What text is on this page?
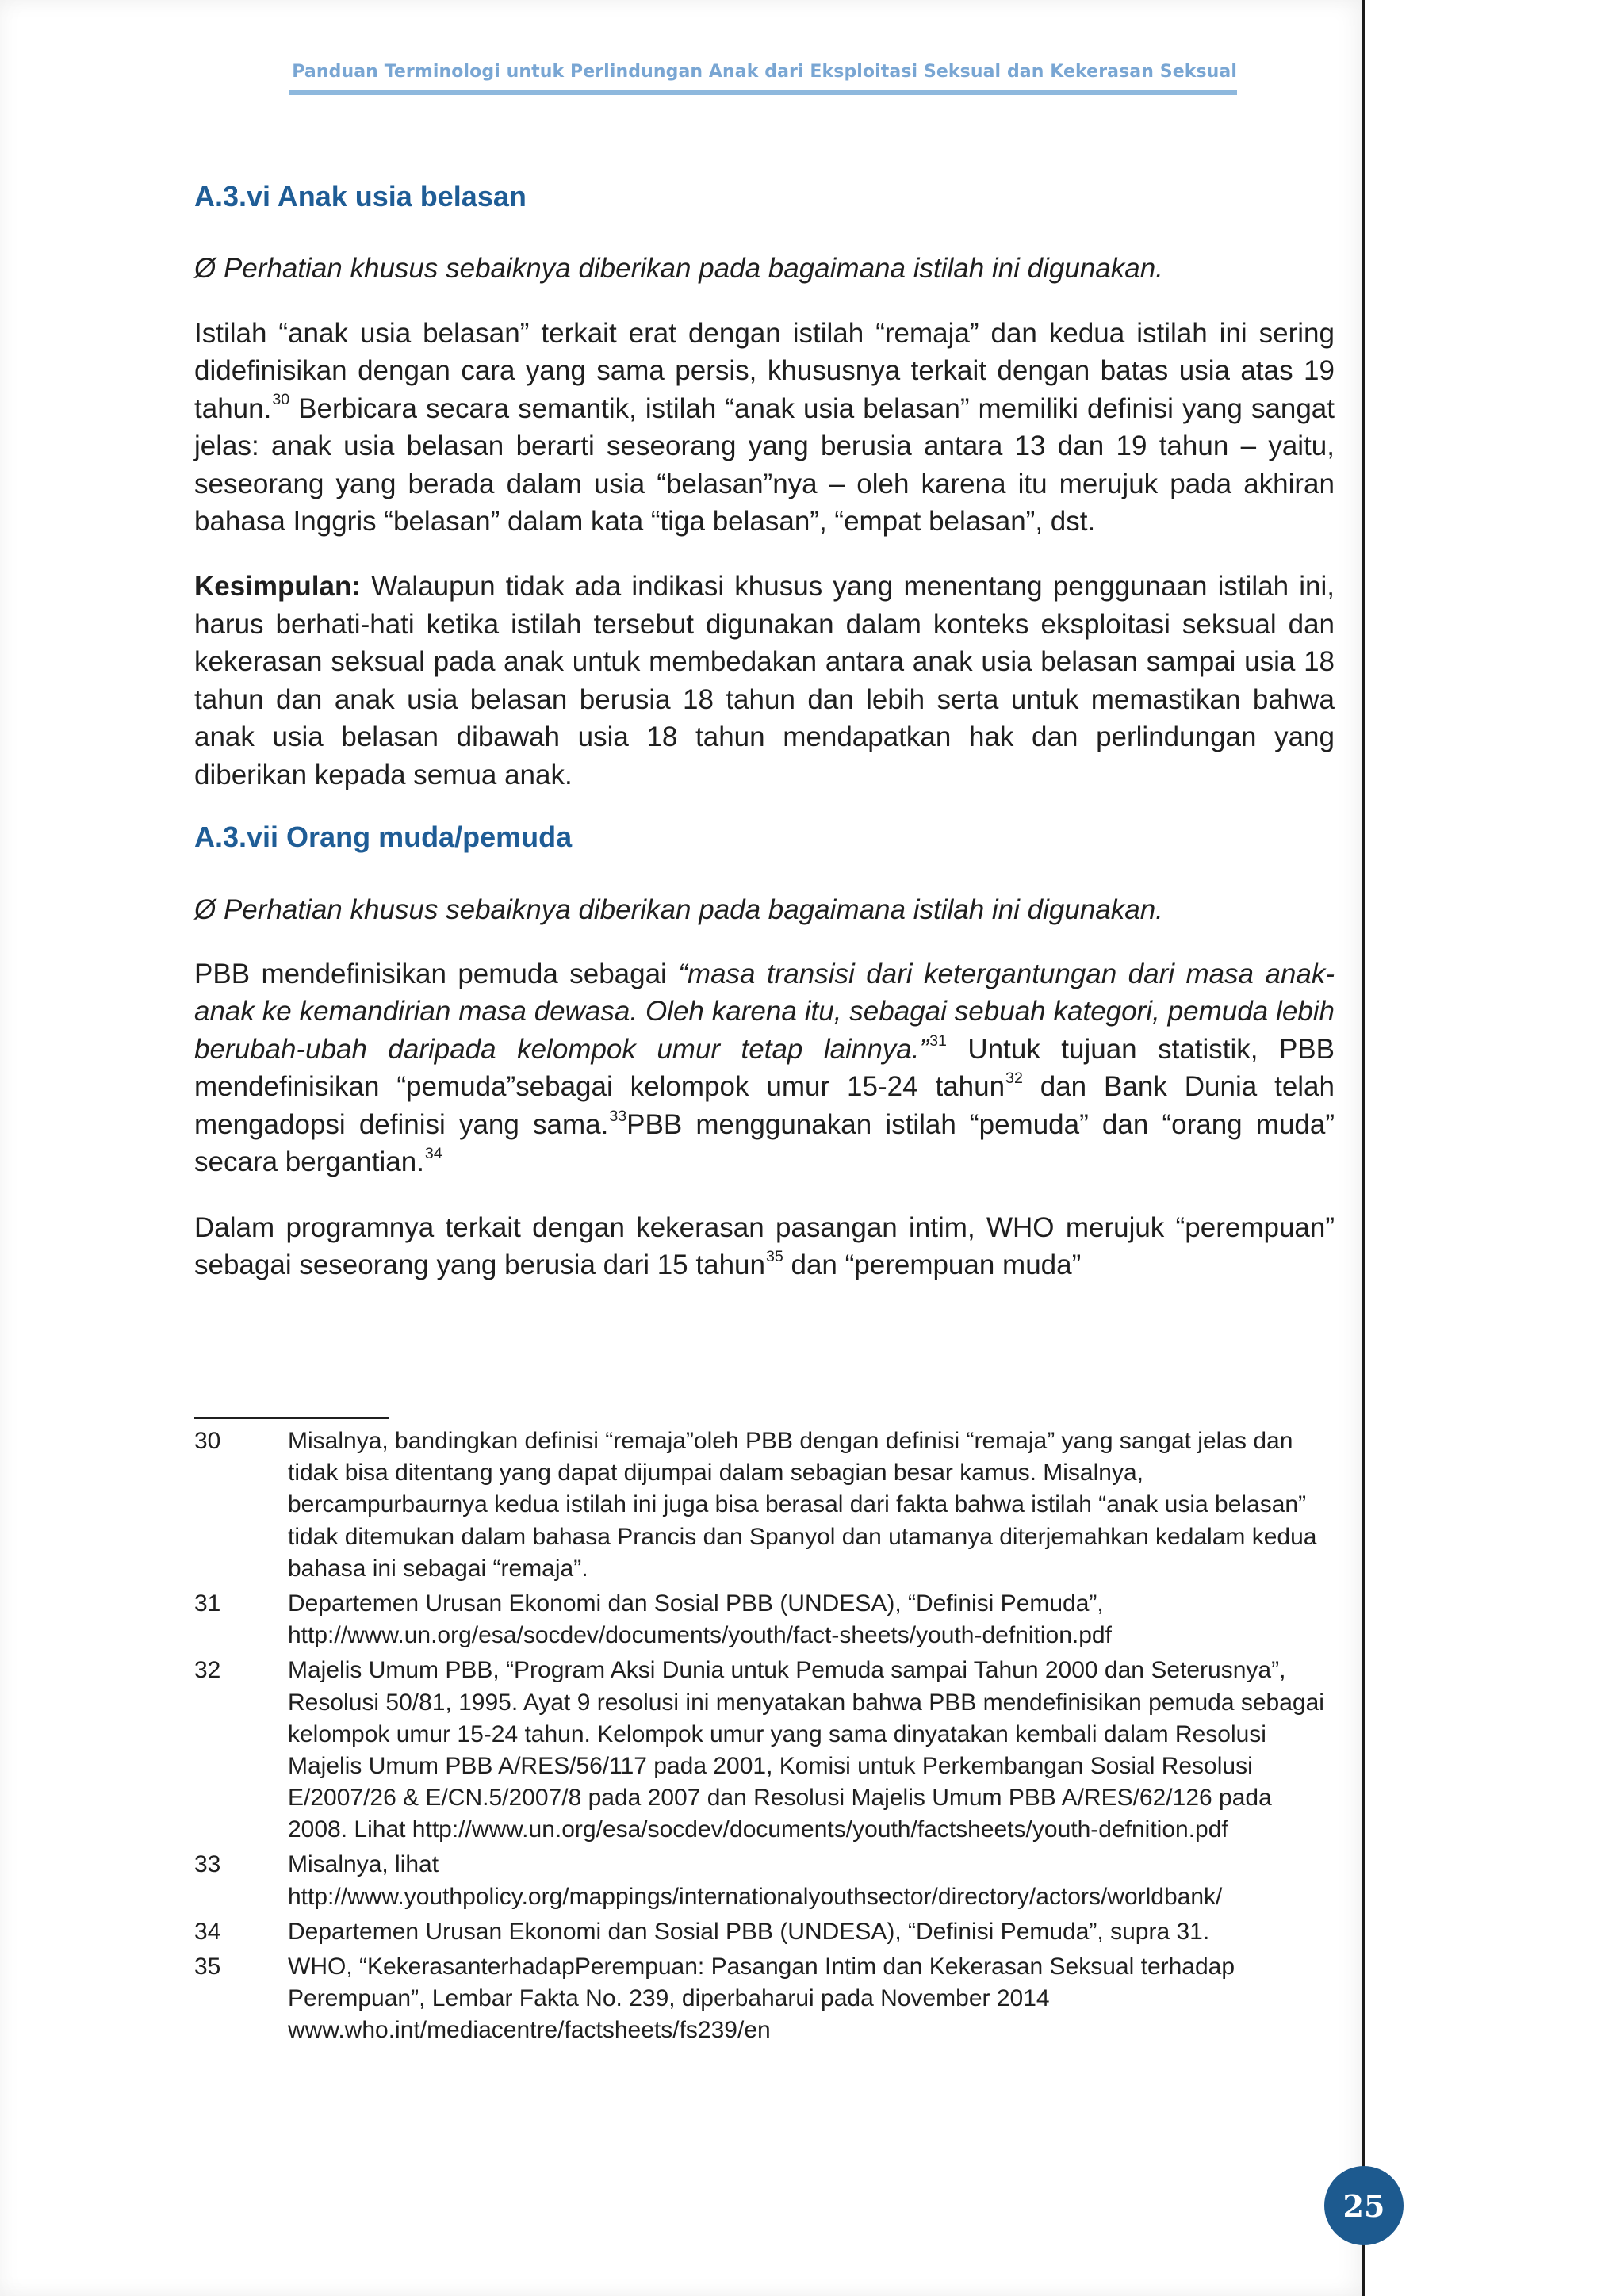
Panduan Terminologi untuk Perlindungan Anak dari Eksploitasi Seksual dan Kekerasan Seksual
A.3.vi Anak usia belasan

Ø Perhatian khusus sebaiknya diberikan pada bagaimana istilah ini digunakan.

Istilah “anak usia belasan” terkait erat dengan istilah “remaja” dan kedua istilah ini sering didefinisikan dengan cara yang sama persis, khususnya terkait dengan batas usia atas 19 tahun.$^{30}$ Berbicara secara semantik, istilah “anak usia belasan” memiliki definisi yang sangat jelas: anak usia belasan berarti seseorang yang berusia antara 13 dan 19 tahun – yaitu, seseorang yang berada dalam usia “belasan”nya – oleh karena itu merujuk pada akhiran bahasa Inggris “belasan” dalam kata “tiga belasan”, “empat belasan”, dst.

Kesimpulan: Walaupun tidak ada indikasi khusus yang menentang penggunaan istilah ini, harus berhati-hati ketika istilah tersebut digunakan dalam konteks eksploitasi seksual dan kekerasan seksual pada anak untuk membedakan antara anak usia belasan sampai usia 18 tahun dan anak usia belasan berusia 18 tahun dan lebih serta untuk memastikan bahwa anak usia belasan dibawah usia 18 tahun mendapatkan hak dan perlindungan yang diberikan kepada semua anak.

A.3.vii Orang muda/pemuda

Ø Perhatian khusus sebaiknya diberikan pada bagaimana istilah ini digunakan.

PBB mendefinisikan pemuda sebagai “masa transisi dari ketergantungan dari masa anak-anak ke kemandirian masa dewasa. Oleh karena itu, sebagai sebuah kategori, pemuda lebih berubah-ubah daripada kelompok umur tetap lainnya.”$^{31}$ Untuk tujuan statistik, PBB mendefinisikan “pemuda”sebagai kelompok umur 15-24 tahun$^{32}$ dan Bank Dunia telah mengadopsi definisi yang sama.$^{33}$PBB menggunakan istilah “pemuda” dan “orang muda” secara bergantian.$^{34}$

Dalam programnya terkait dengan kekerasan pasangan intim, WHO merujuk “perempuan” sebagai seseorang yang berusia dari 15 tahun$^{35}$ dan “perempuan muda”

30	Misalnya, bandingkan definisi “remaja”oleh PBB dengan definisi “remaja” yang sangat jelas dan tidak bisa ditentang yang dapat dijumpai dalam sebagian besar kamus. Misalnya, bercampurbaurnya kedua istilah ini juga bisa berasal dari fakta bahwa istilah “anak usia belasan” tidak ditemukan dalam bahasa Prancis dan Spanyol dan utamanya diterjemahkan kedalam kedua bahasa ini sebagai “remaja”.
31	Departemen Urusan Ekonomi dan Sosial PBB (UNDESA), “Definisi Pemuda”, http://www.un.org/esa/socdev/documents/youth/fact-sheets/youth-defnition.pdf
32	Majelis Umum PBB, “Program Aksi Dunia untuk Pemuda sampai Tahun 2000 dan Seterusnya”, Resolusi 50/81, 1995. Ayat 9 resolusi ini menyatakan bahwa PBB mendefinisikan pemuda sebagai kelompok umur 15-24 tahun. Kelompok umur yang sama dinyatakan kembali dalam Resolusi Majelis Umum PBB A/RES/56/117 pada 2001, Komisi untuk Perkembangan Sosial Resolusi E/2007/26 & E/CN.5/2007/8 pada 2007 dan Resolusi Majelis Umum PBB A/RES/62/126 pada 2008. Lihat http://www.un.org/esa/socdev/documents/youth/factsheets/youth-defnition.pdf
33	Misalnya, lihat http://www.youthpolicy.org/mappings/internationalyouthsector/directory/actors/worldbank/
34	Departemen Urusan Ekonomi dan Sosial PBB (UNDESA), “Definisi Pemuda”, supra 31.
35	WHO, “KekerasanterhadapPerempuan: Pasangan Intim dan Kekerasan Seksual terhadap Perempuan”, Lembar Fakta No. 239, diperbaharui pada November 2014 www.who.int/mediacentre/factsheets/fs239/en
25
